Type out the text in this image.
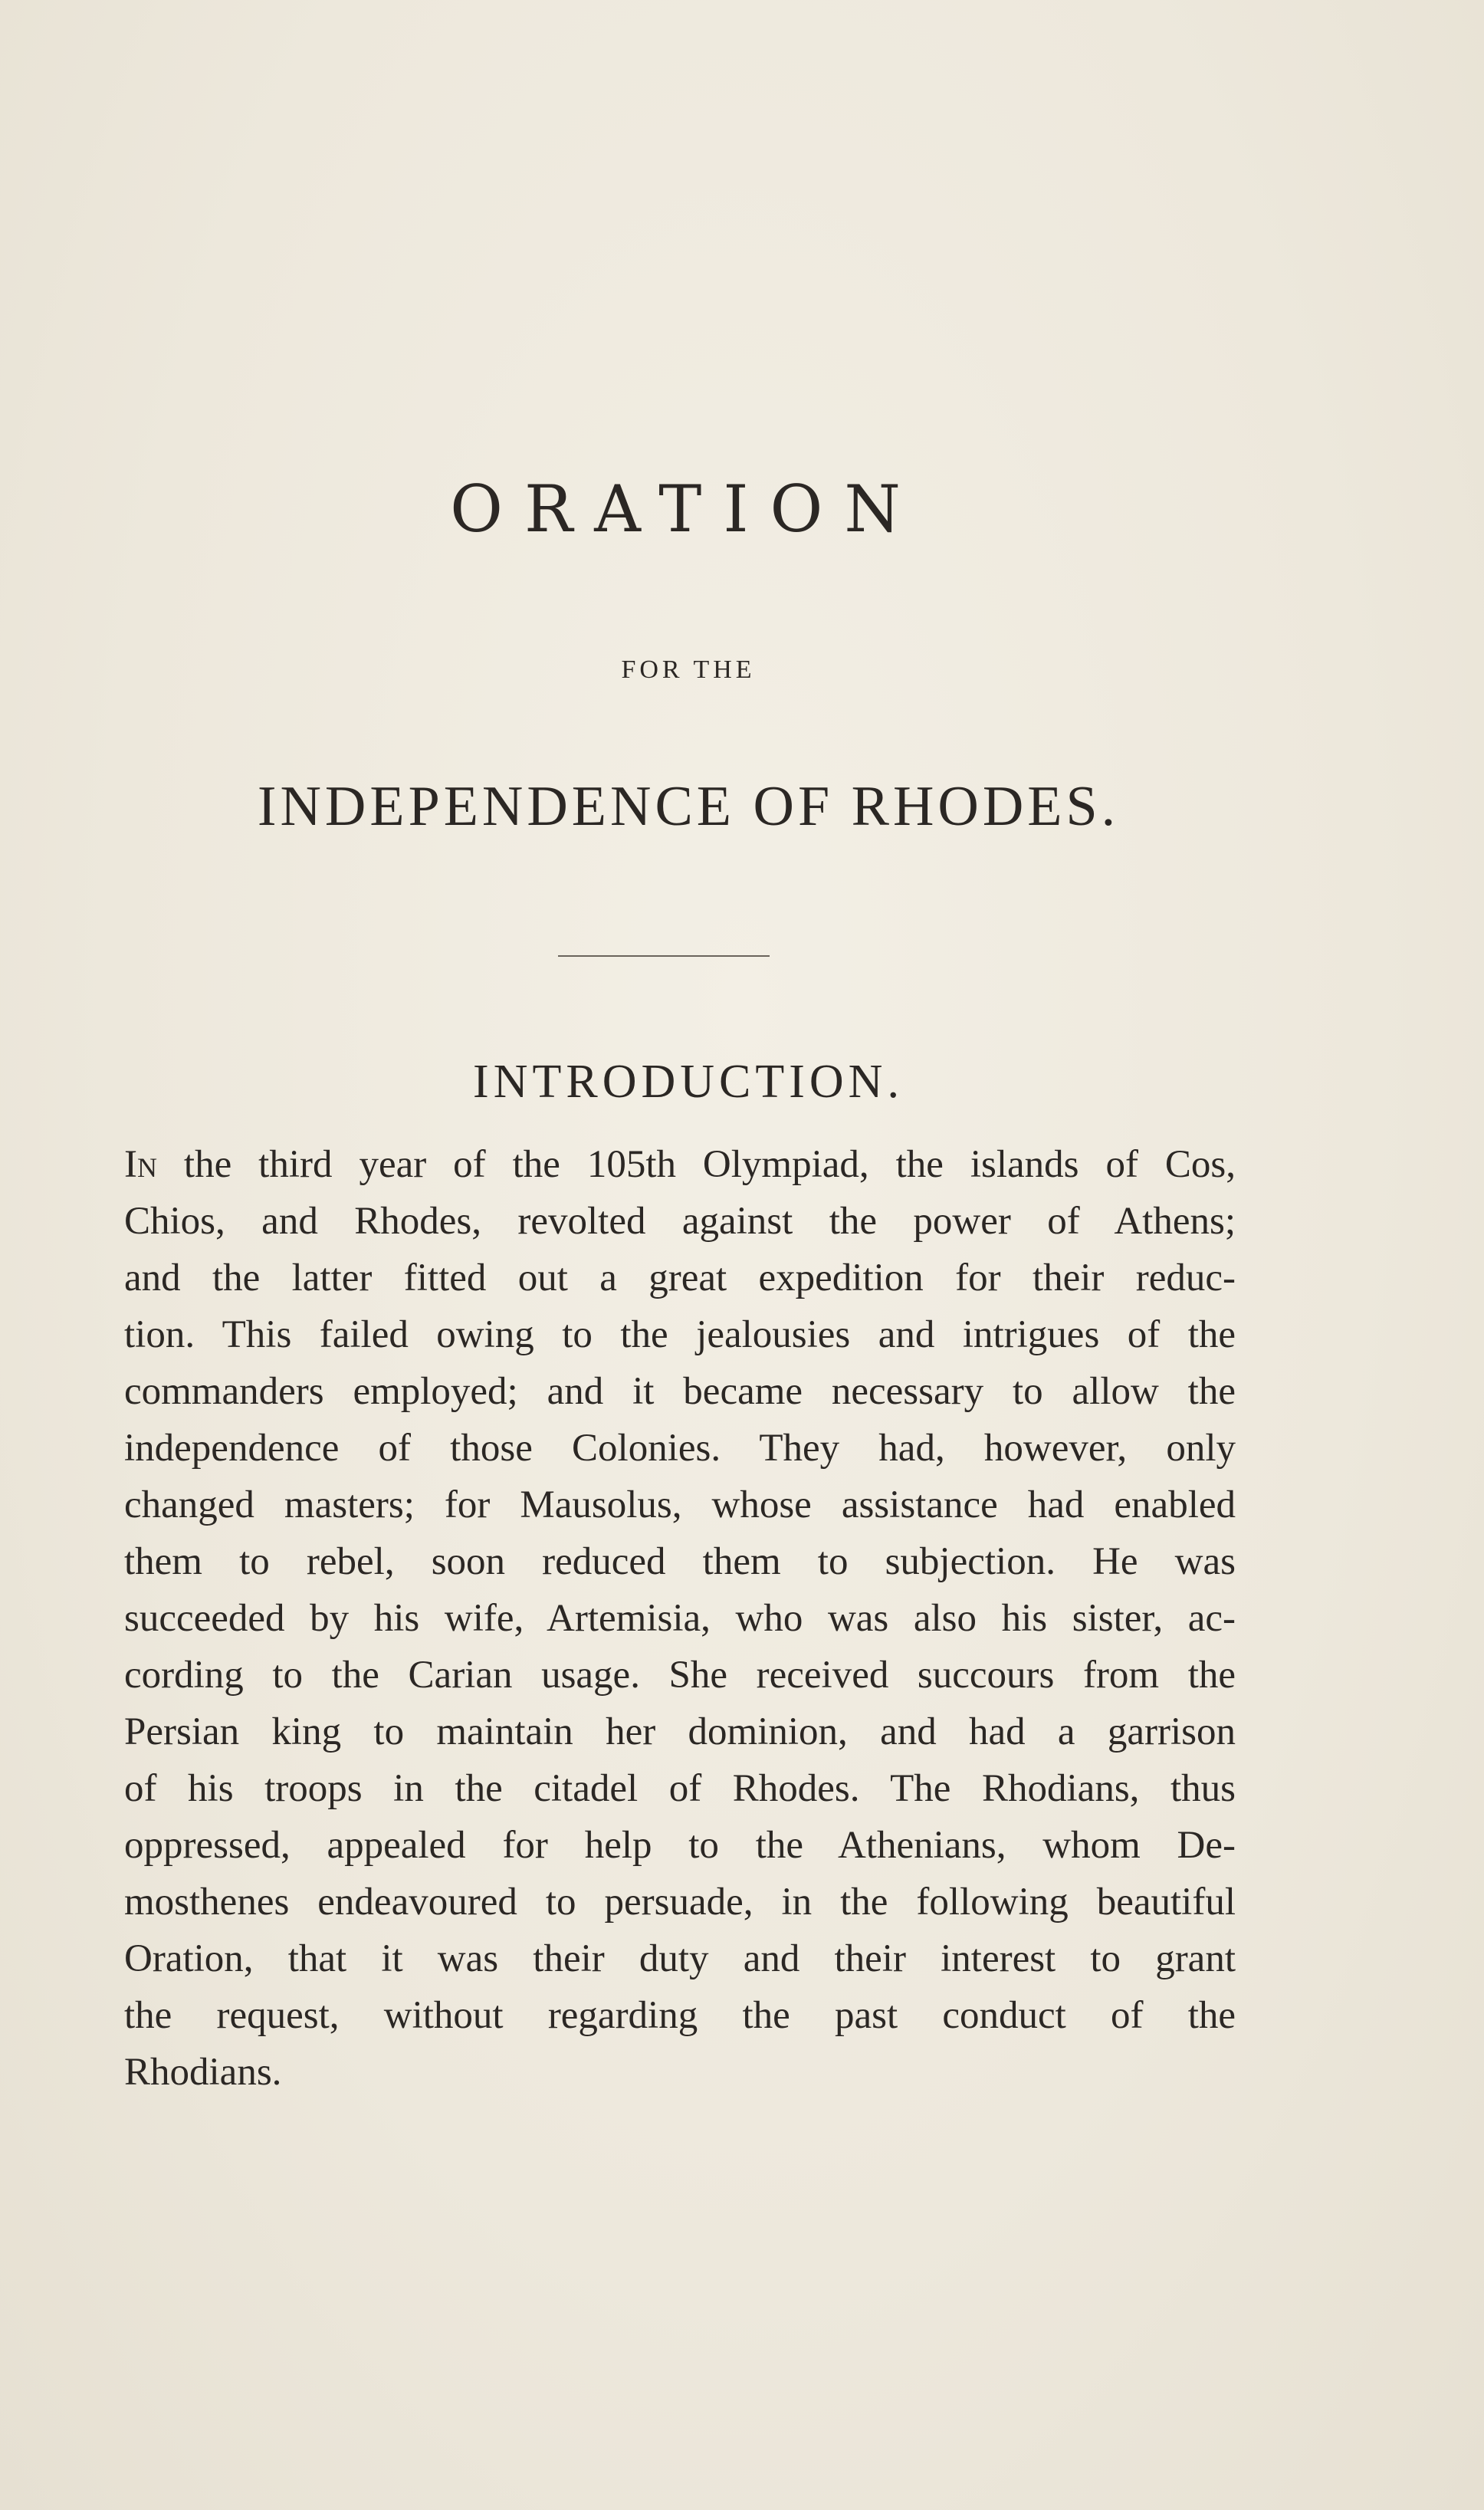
ORATION
FOR THE
INDEPENDENCE OF RHODES.
INTRODUCTION.
In the third year of the 105th Olympiad, the islands of Cos,
Chios, and Rhodes, revolted against the power of Athens;
and the latter fitted out a great expedition for their reduc-
tion. This failed owing to the jealousies and intrigues of the
commanders employed; and it became necessary to allow the
independence of those Colonies. They had, however, only
changed masters; for Mausolus, whose assistance had enabled
them to rebel, soon reduced them to subjection. He was
succeeded by his wife, Artemisia, who was also his sister, ac-
cording to the Carian usage. She received succours from the
Persian king to maintain her dominion, and had a garrison
of his troops in the citadel of Rhodes. The Rhodians, thus
oppressed, appealed for help to the Athenians, whom De-
mosthenes endeavoured to persuade, in the following beautiful
Oration, that it was their duty and their interest to grant
the request, without regarding the past conduct of the
Rhodians.
